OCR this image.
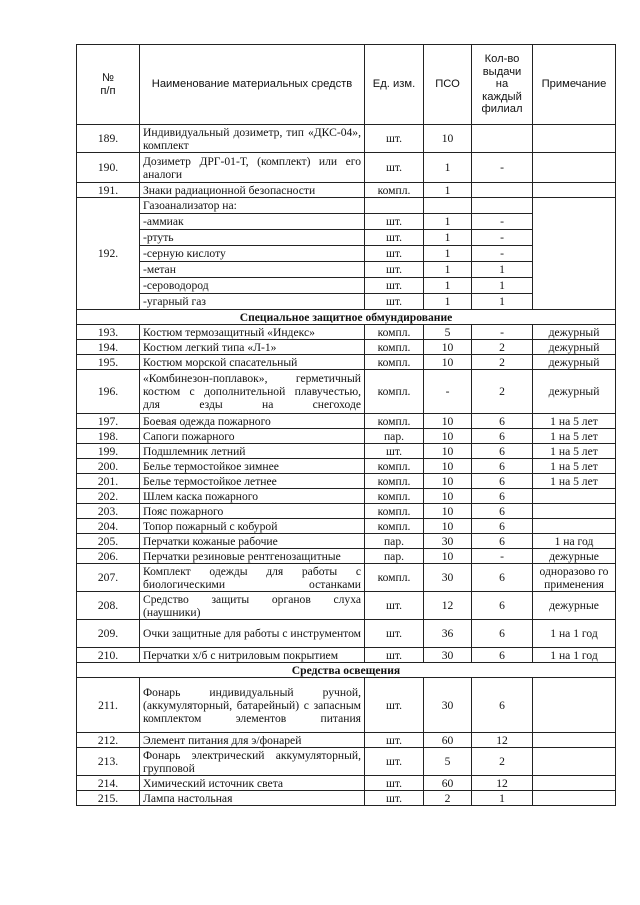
№ п/п	Наименование материальных средств	Ед. изм.	ПСО	Кол-во выдачи на каждый филиал	Примечание
189.	Индивидуальный дозиметр, тип «ДКС-04», комплект	шт.	10		
190.	Дозиметр ДРГ-01-Т, (комплект) или его аналоги	шт.	1	-	
191.	Знаки радиационной безопасности	компл.	1		
192.	Газоанализатор на:				
	-аммиак	шт.	1	-	
	-ртуть	шт.	1	-	
	-серную кислоту	шт.	1	-	
	-метан	шт.	1	1	
	-сероводород	шт.	1	1	
	-угарный газ	шт.	1	1	
Специальное защитное обмундирование					
193.	Костюм термозащитный «Индекс»	компл.	5	-	дежурный
194.	Костюм легкий типа «Л-1»	компл.	10	2	дежурный
195.	Костюм морской спасательный	компл.	10	2	дежурный
196.	«Комбинезон-поплавок», герметичный костюм с дополнительной плавучестью, для езды на снегоходе	компл.	-	2	дежурный
197.	Боевая одежда пожарного	компл.	10	6	1 на 5 лет
198.	Сапоги пожарного	пар.	10	6	1 на 5 лет
199.	Подшлемник летний	шт.	10	6	1 на 5 лет
200.	Белье термостойкое зимнее	компл.	10	6	1 на 5 лет
201.	Белье термостойкое летнее	компл.	10	6	1 на 5 лет
202.	Шлем каска пожарного	компл.	10	6	
203.	Пояс пожарного	компл.	10	6	
204.	Топор пожарный с кобурой	компл.	10	6	
205.	Перчатки кожаные рабочие	пар.	30	6	1 на год
206.	Перчатки резиновые рентгенозащитные	пар.	10	-	дежурные
207.	Комплект одежды для работы с биологическими останками	компл.	30	6	одноразово го применения
208.	Средство защиты органов слуха (наушники)	шт.	12	6	дежурные
209.	Очки защитные для работы с инструментом	шт.	36	6	1 на 1 год
210.	Перчатки х/б с нитриловым покрытием	шт.	30	6	1 на 1 год
Средства освещения					
211.	Фонарь индивидуальный ручной, (аккумуляторный, батарейный) с запасным комплектом элементов питания	шт.	30	6	
212.	Элемент питания для э/фонарей	шт.	60	12	
213.	Фонарь электрический аккумуляторный, групповой	шт.	5	2	
214.	Химический источник света	шт.	60	12	
215.	Лампа настольная	шт.	2	1	
